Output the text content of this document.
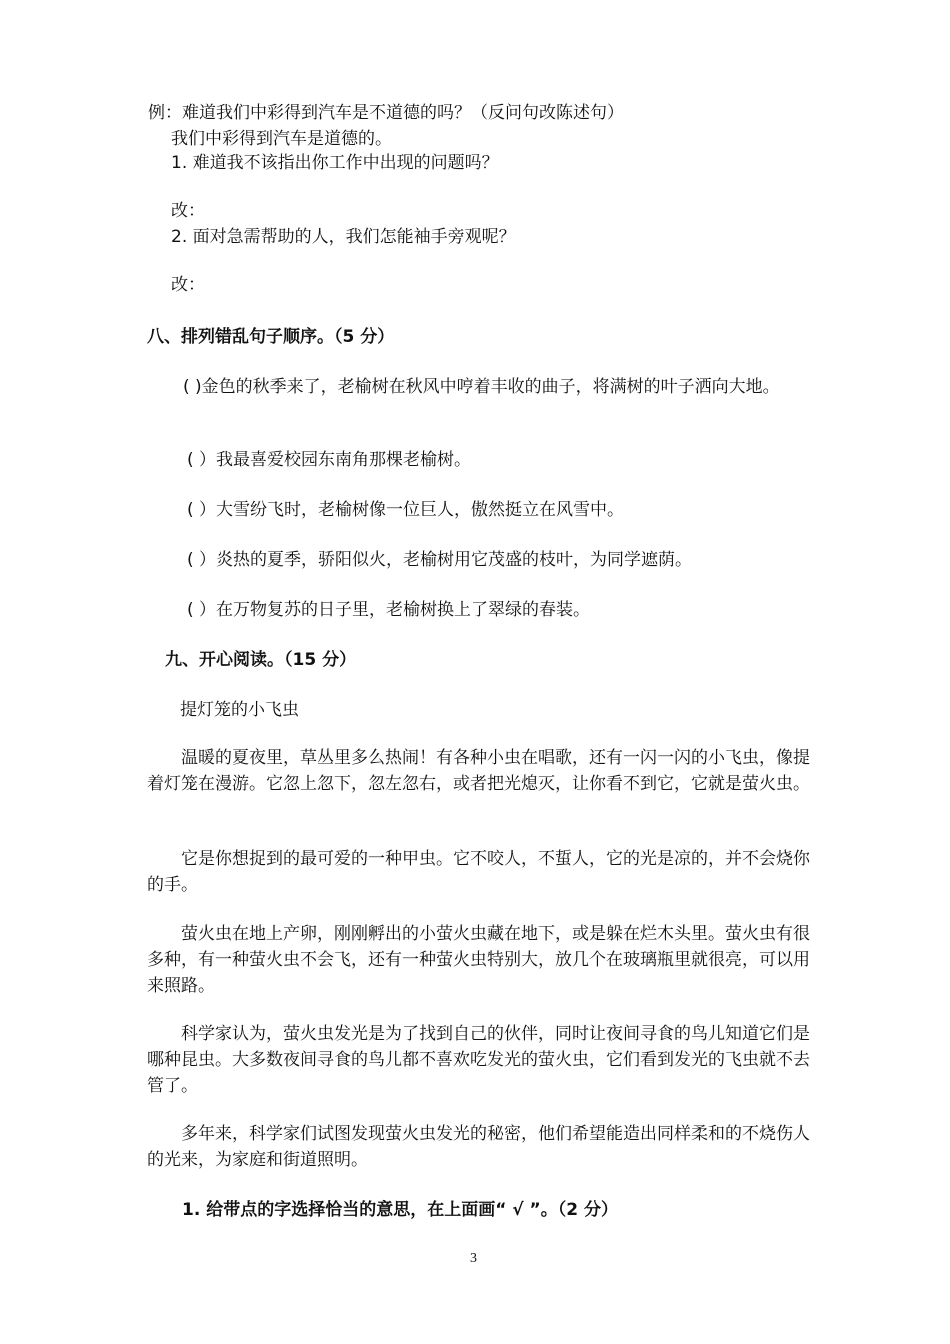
例：难道我们中彩得到汽车是不道德的吗？（反问句改陈述句）
我们中彩得到汽车是道德的。
1. 难道我不该指出你工作中出现的问题吗？
改：
2. 面对急需帮助的人，我们怎能袖手旁观呢？
改：
八、排列错乱句子顺序。（5 分）
( )金色的秋季来了，老榆树在秋风中哼着丰收的曲子，将满树的叶子洒向大地。
( ）我最喜爱校园东南角那棵老榆树。
( ）大雪纷飞时，老榆树像一位巨人，傲然挺立在风雪中。
( ）炎热的夏季，骄阳似火，老榆树用它茂盛的枝叶，为同学遮荫。
( ）在万物复苏的日子里，老榆树换上了翠绿的春装。
九、开心阅读。（15 分）
提灯笼的小飞虫
温暖的夏夜里，草丛里多么热闹！有各种小虫在唱歌，还有一闪一闪的小飞虫，像提着灯笼在漫游。它忽上忽下，忽左忽右，或者把光熄灭，让你看不到它，它就是萤火虫。
它是你想捉到的最可爱的一种甲虫。它不咬人，不蜇人，它的光是凉的，并不会烧你的手。
萤火虫在地上产卵，刚刚孵出的小萤火虫藏在地下，或是躲在烂木头里。萤火虫有很多种，有一种萤火虫不会飞，还有一种萤火虫特别大，放几个在玻璃瓶里就很亮，可以用来照路。
科学家认为，萤火虫发光是为了找到自己的伙伴，同时让夜间寻食的鸟儿知道它们是哪种昆虫。大多数夜间寻食的鸟儿都不喜欢吃发光的萤火虫，它们看到发光的飞虫就不去管了。
多年来，科学家们试图发现萤火虫发光的秘密，他们希望能造出同样柔和的不烧伤人的光来，为家庭和街道照明。
1. 给带点的字选择恰当的意思，在上面画“ √ ”。（2 分）
3
